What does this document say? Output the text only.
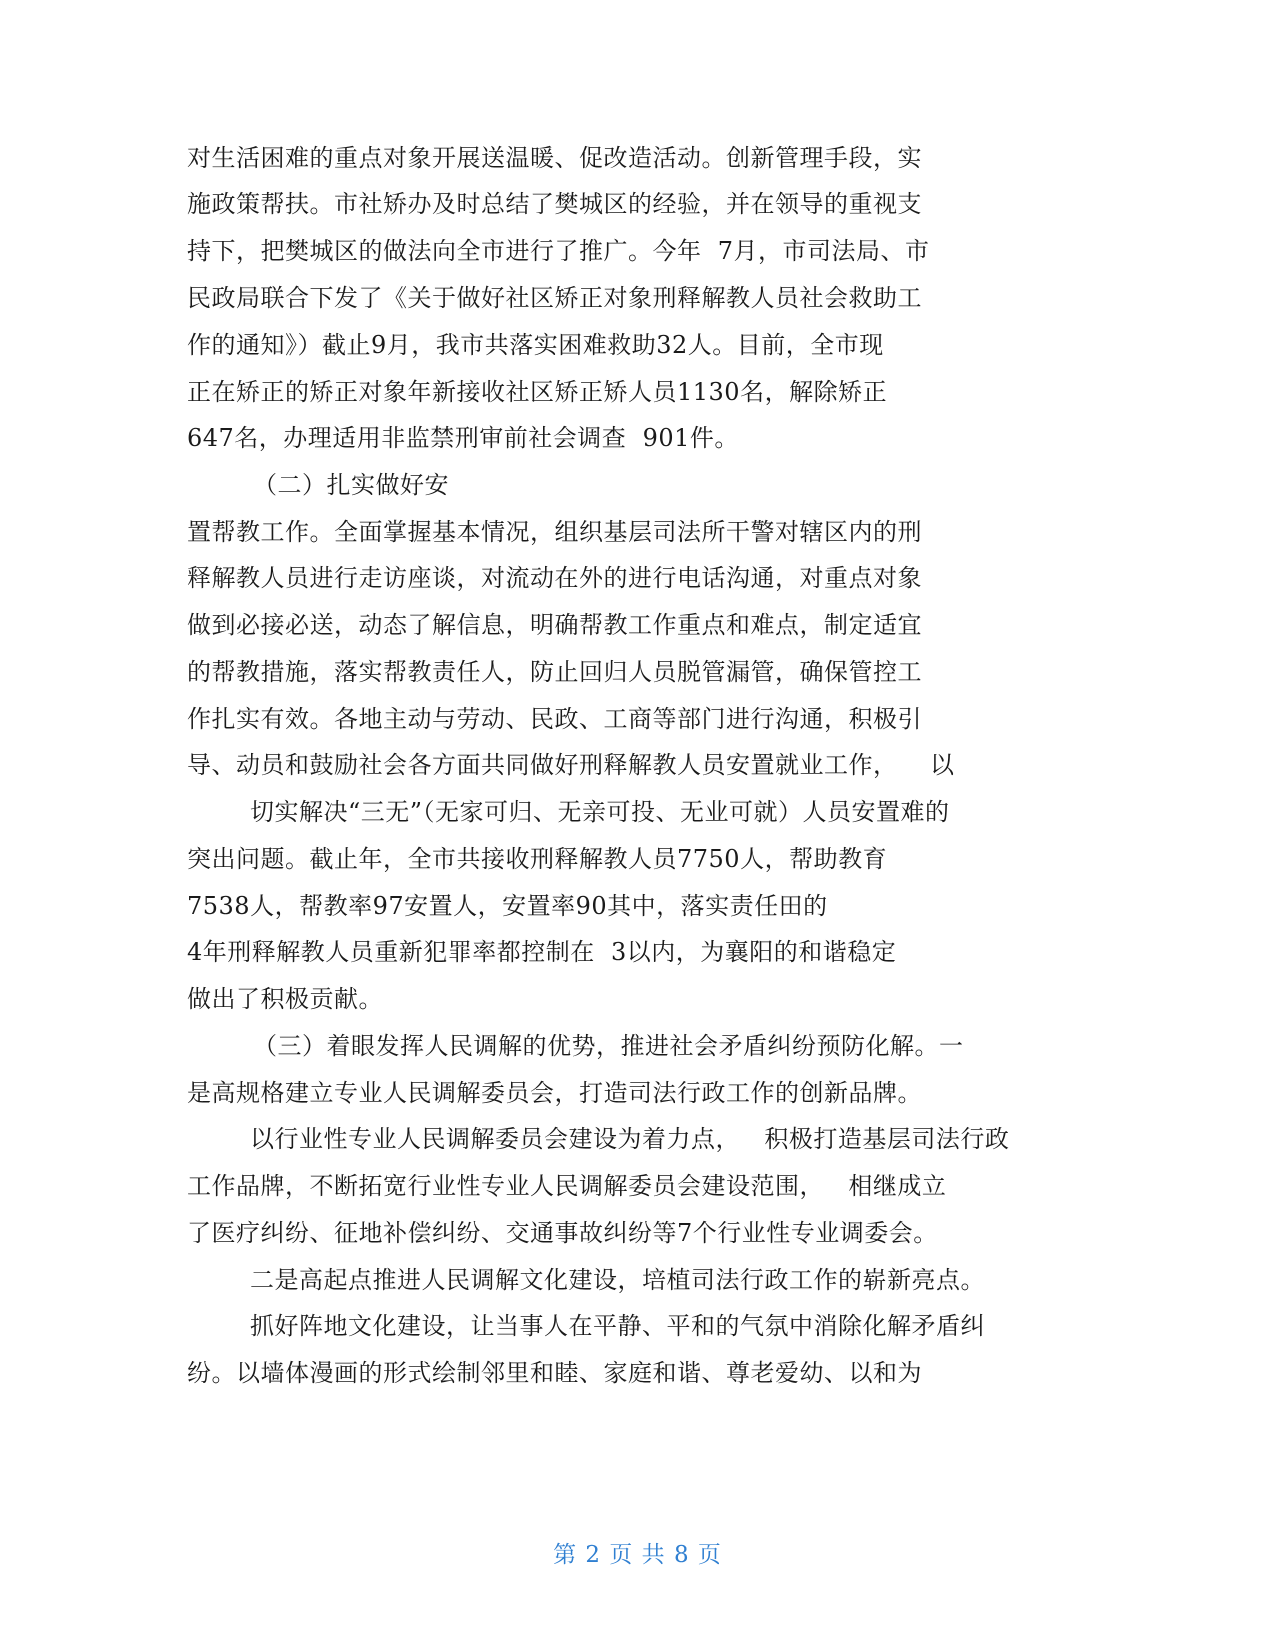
对生活困难的重点对象开展送温暖、促改造活动。创新管理手段，实
施政策帮扶。市社矫办及时总结了樊城区的经验，并在领导的重视支
持下，把樊城区的做法向全市进行了推广。今年  7月，市司法局、市
民政局联合下发了《关于做好社区矫正对象刑释解教人员社会救助工
作的通知》）截止9月，我市共落实困难救助32人。目前，全市现
正在矫正的矫正对象年新接收社区矫正矫人员1130名，解除矫正
647名，办理适用非监禁刑审前社会调查  901件。
（二）扎实做好安
置帮教工作。全面掌握基本情况，组织基层司法所干警对辖区内的刑
释解教人员进行走访座谈，对流动在外的进行电话沟通，对重点对象
做到必接必送，动态了解信息，明确帮教工作重点和难点，制定适宜
的帮教措施，落实帮教责任人，防止回归人员脱管漏管，确保管控工
作扎实有效。各地主动与劳动、民政、工商等部门进行沟通，积极引
导、动员和鼓励社会各方面共同做好刑释解教人员安置就业工作，    以
切实解决“三无”（无家可归、无亲可投、无业可就）人员安置难的
突出问题。截止年，全市共接收刑释解教人员7750人，帮助教育
7538人，帮教率97安置人，安置率90其中，落实责任田的
4年刑释解教人员重新犯罪率都控制在  3以内，为襄阳的和谐稳定
做出了积极贡献。
（三）着眼发挥人民调解的优势，推进社会矛盾纠纷预防化解。一
是高规格建立专业人民调解委员会，打造司法行政工作的创新品牌。
以行业性专业人民调解委员会建设为着力点，   积极打造基层司法行政
工作品牌，不断拓宽行业性专业人民调解委员会建设范围，   相继成立
了医疗纠纷、征地补偿纠纷、交通事故纠纷等7个行业性专业调委会。
二是高起点推进人民调解文化建设，培植司法行政工作的崭新亮点。
抓好阵地文化建设，让当事人在平静、平和的气氛中消除化解矛盾纠
纷。以墙体漫画的形式绘制邻里和睦、家庭和谐、尊老爱幼、以和为
第 2 页 共 8 页
